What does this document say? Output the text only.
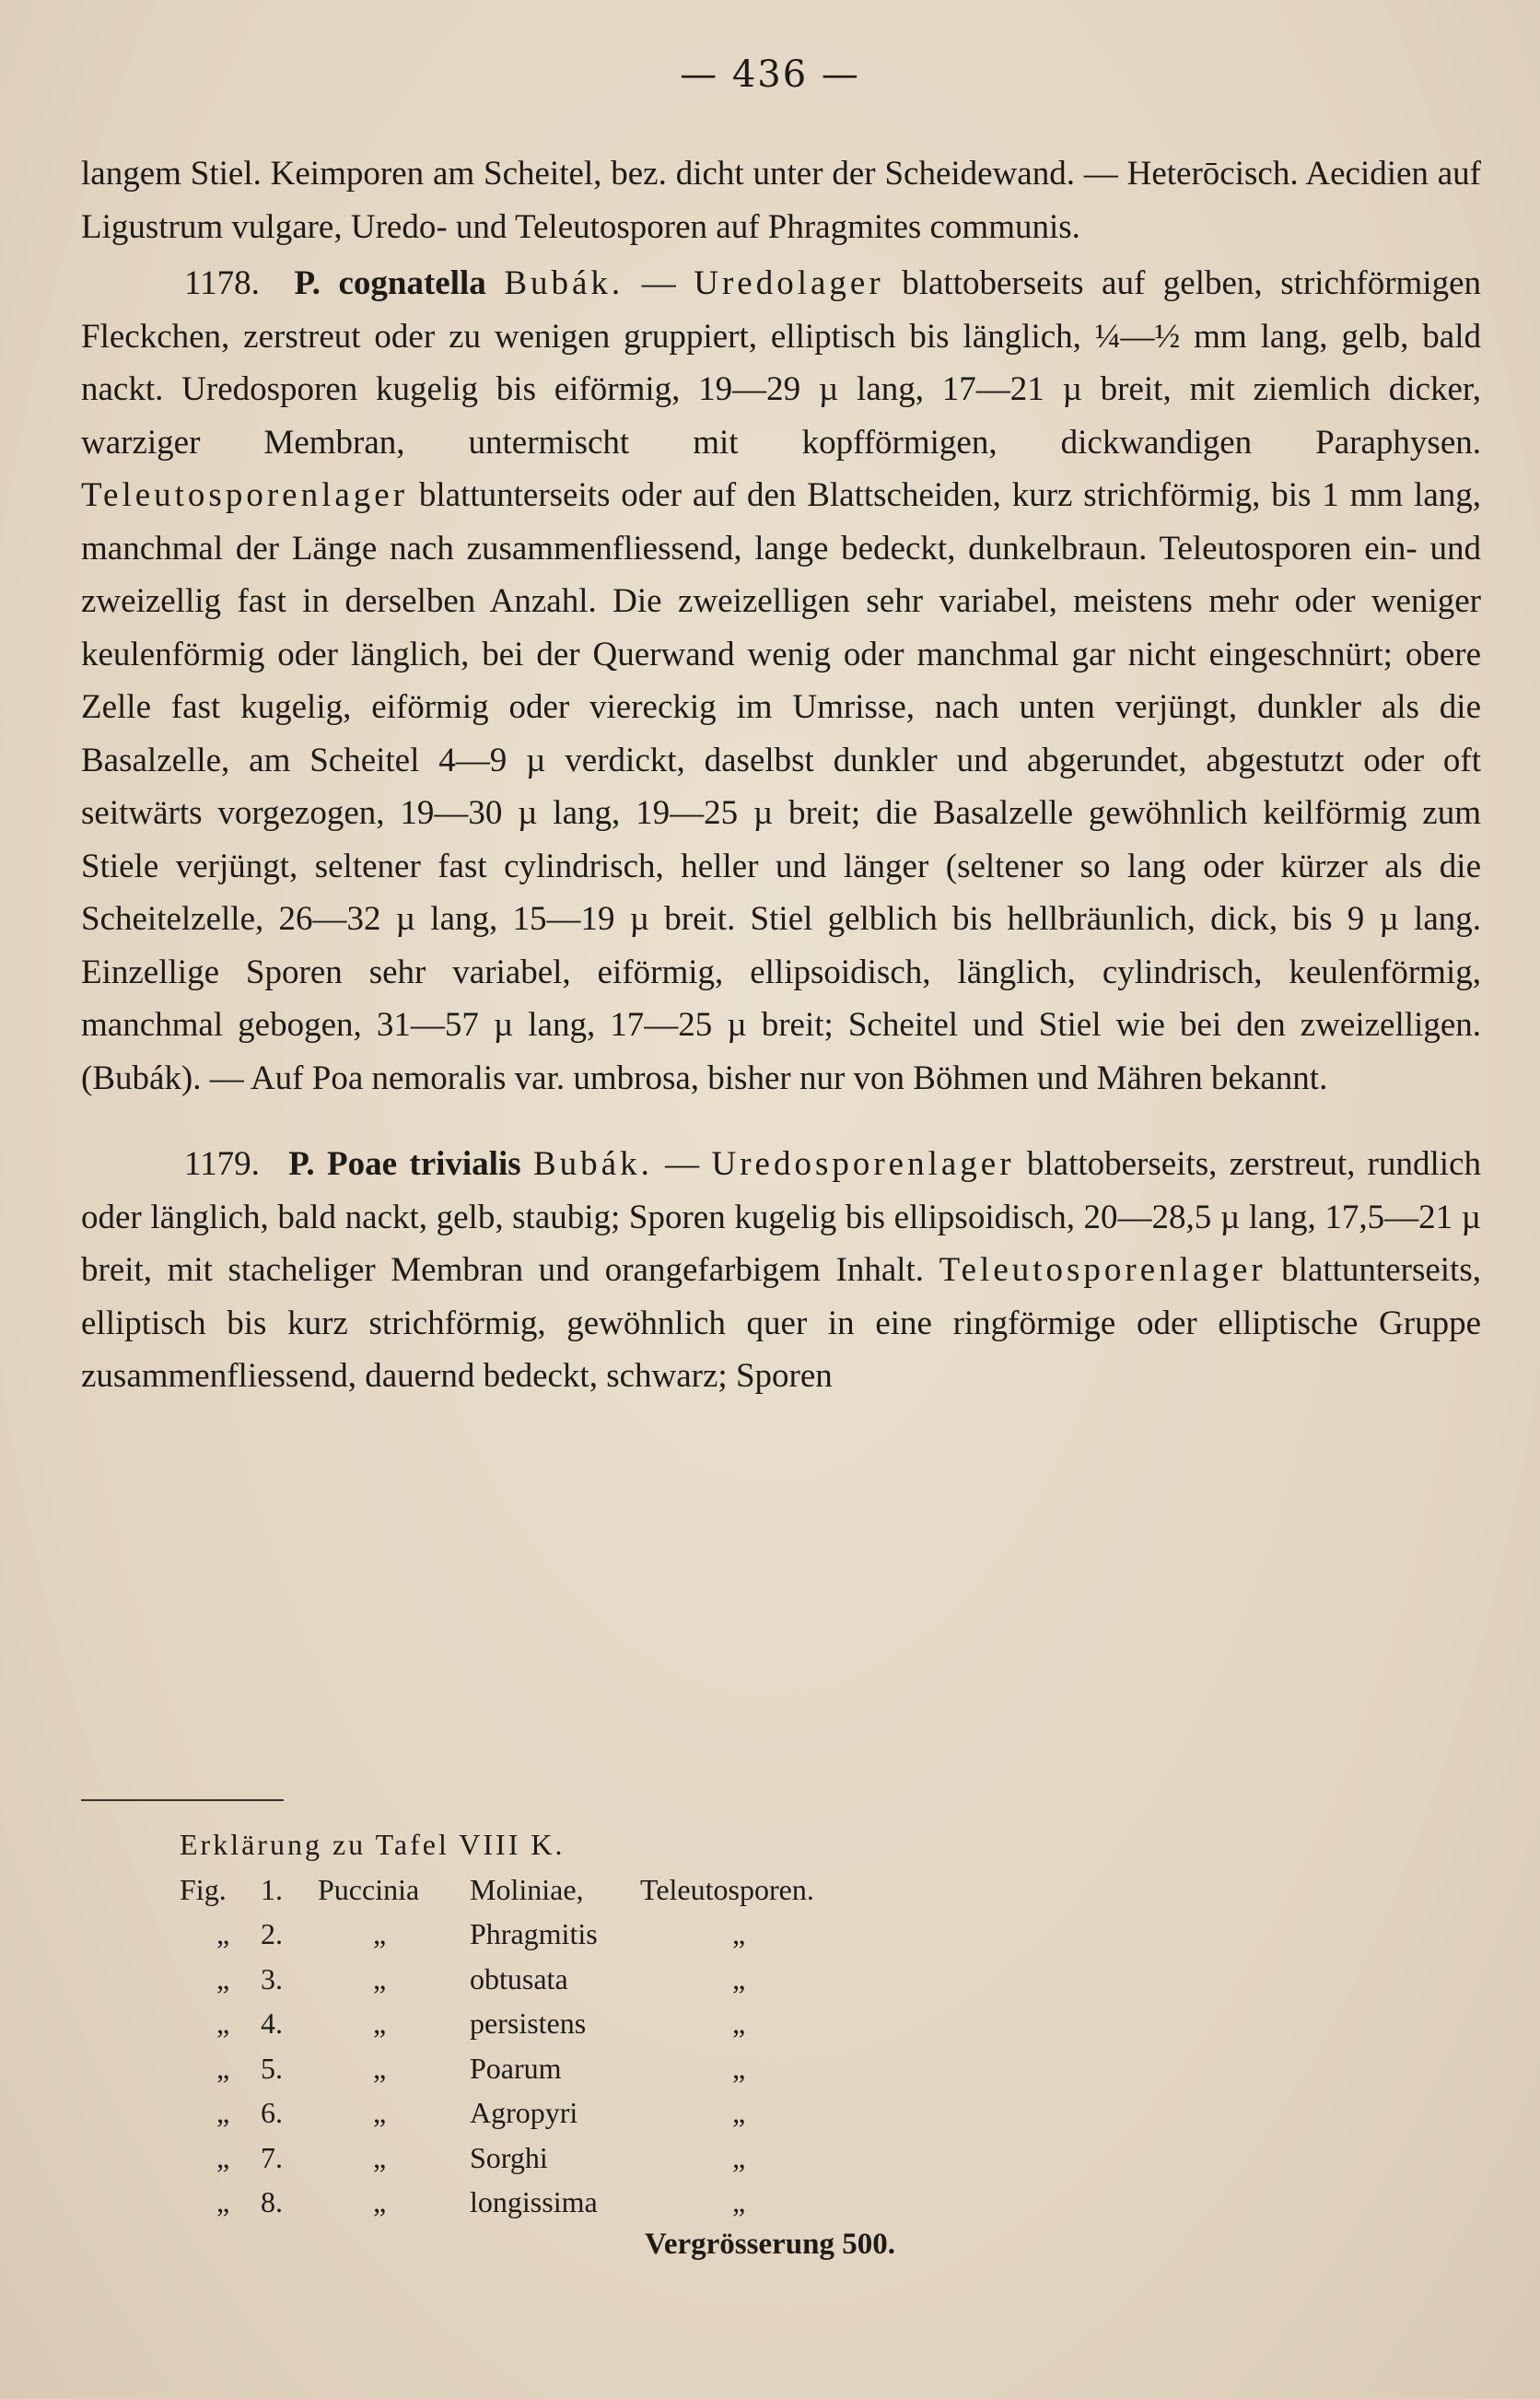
— 436 —

langem Stiel. Keimporen am Scheitel, bez. dicht unter der Scheidewand. — Heterōcisch. Aecidien auf Ligustrum vulgare, Uredo- und Teleutosporen auf Phragmites communis.

1178. P. cognatella Bubák. — Uredolager blattoberseits auf gelben, strichförmigen Fleckchen, zerstreut oder zu wenigen gruppiert, elliptisch bis länglich, ¼—½ mm lang, gelb, bald nackt. Uredosporen kugelig bis eiförmig, 19—29 µ lang, 17—21 µ breit, mit ziemlich dicker, warziger Membran, untermischt mit kopfförmigen, dickwandigen Paraphysen. Teleutosporenlager blattunterseits oder auf den Blattscheiden, kurz strichförmig, bis 1 mm lang, manchmal der Länge nach zusammenfliessend, lange bedeckt, dunkelbraun. Teleutosporen ein- und zweizellig fast in derselben Anzahl. Die zweizelligen sehr variabel, meistens mehr oder weniger keulenförmig oder länglich, bei der Querwand wenig oder manchmal gar nicht eingeschnürt; obere Zelle fast kugelig, eiförmig oder viereckig im Umrisse, nach unten verjüngt, dunkler als die Basalzelle, am Scheitel 4—9 µ verdickt, daselbst dunkler und abgerundet, abgestutzt oder oft seitwärts vorgezogen, 19—30 µ lang, 19—25 µ breit; die Basalzelle gewöhnlich keilförmig zum Stiele verjüngt, seltener fast cylindrisch, heller und länger (seltener so lang oder kürzer als die Scheitelzelle, 26—32 µ lang, 15—19 µ breit. Stiel gelblich bis hellbräunlich, dick, bis 9 µ lang. Einzellige Sporen sehr variabel, eiförmig, ellipsoidisch, länglich, cylindrisch, keulenförmig, manchmal gebogen, 31—57 µ lang, 17—25 µ breit; Scheitel und Stiel wie bei den zweizelligen. (Bubák). — Auf Poa nemoralis var. umbrosa, bisher nur von Böhmen und Mähren bekannt.

1179. P. Poae trivialis Bubák. — Uredosporenlager blattoberseits, zerstreut, rundlich oder länglich, bald nackt, gelb, staubig; Sporen kugelig bis ellipsoidisch, 20—28,5 µ lang, 17,5—21 µ breit, mit stacheliger Membran und orangefarbigem Inhalt. Teleutosporenlager blattunterseits, elliptisch bis kurz strichförmig, gewöhnlich quer in eine ringförmige oder elliptische Gruppe zusammenfliessend, dauernd bedeckt, schwarz; Sporen

Erklärung zu Tafel VIII K.
Fig. 1. Puccinia Moliniae, Teleutosporen.
„ 2.	„	Phragmitis	„
„ 3.	„	obtusata	„
„ 4.	„	persistens	„
„ 5.	„	Poarum	„
„ 6.	„	Agropyri	„
„ 7.	„	Sorghi	„
„ 8.	„	longissima	„
Vergrösserung 500.
